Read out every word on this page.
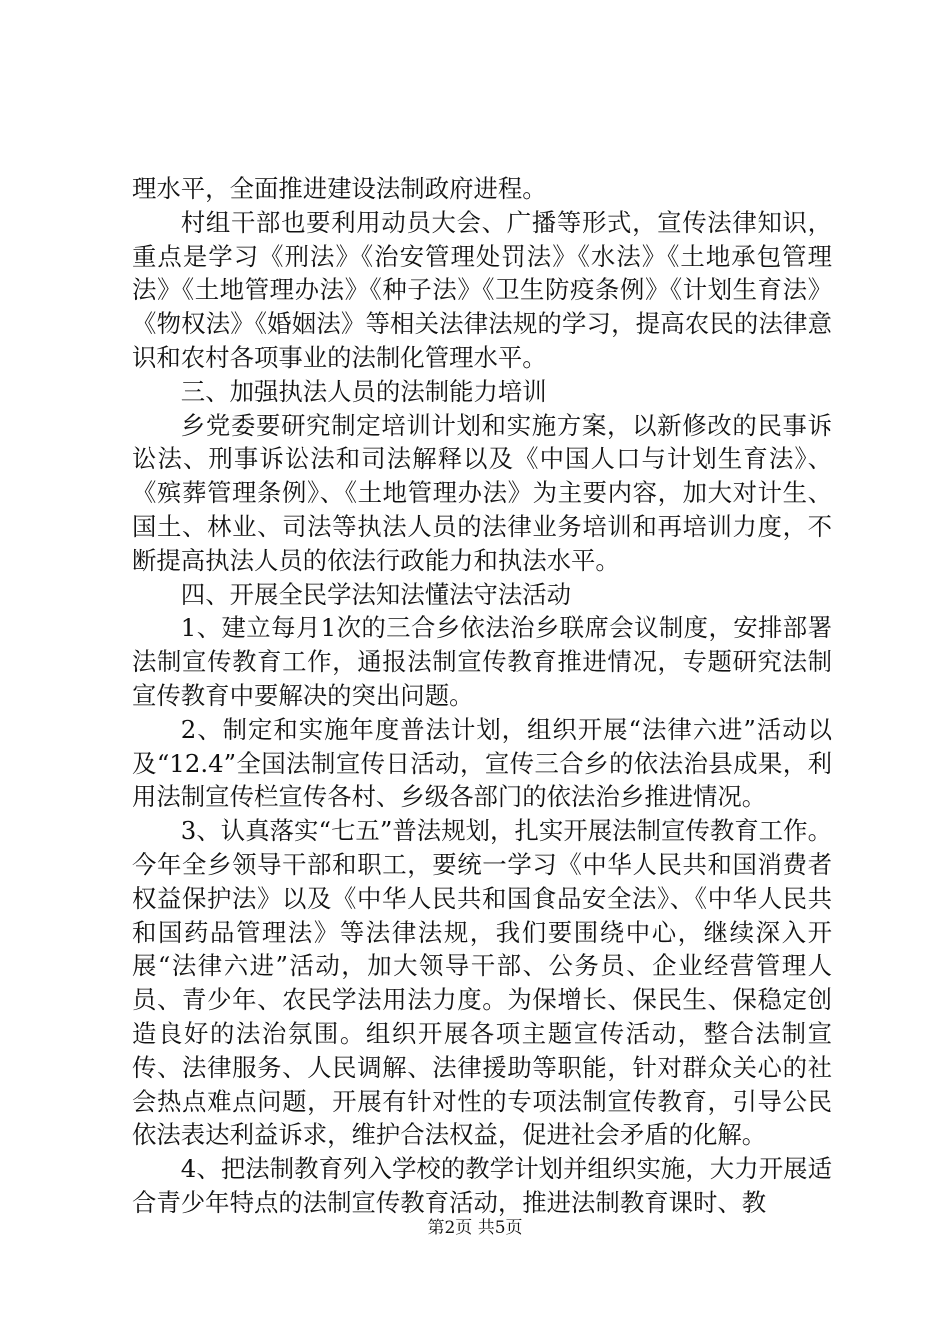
理水平，全面推进建设法制政府进程。

村组干部也要利用动员大会、广播等形式，宣传法律知识，重点是学习《刑法》《治安管理处罚法》《水法》《土地承包管理法》《土地管理办法》《种子法》《卫生防疫条例》《计划生育法》《物权法》《婚姻法》等相关法律法规的学习，提高农民的法律意识和农村各项事业的法制化管理水平。

三、加强执法人员的法制能力培训

乡党委要研究制定培训计划和实施方案，以新修改的民事诉讼法、刑事诉讼法和司法解释以及《中国人口与计划生育法》、《殡葬管理条例》、《土地管理办法》为主要内容，加大对计生、国土、林业、司法等执法人员的法律业务培训和再培训力度，不断提高执法人员的依法行政能力和执法水平。

四、开展全民学法知法懂法守法活动

1、建立每月1次的三合乡依法治乡联席会议制度，安排部署法制宣传教育工作，通报法制宣传教育推进情况，专题研究法制宣传教育中要解决的突出问题。

2、制定和实施年度普法计划，组织开展“法律六进”活动以及“12.4”全国法制宣传日活动，宣传三合乡的依法治县成果，利用法制宣传栏宣传各村、乡级各部门的依法治乡推进情况。

3、认真落实“七五”普法规划，扎实开展法制宣传教育工作。今年全乡领导干部和职工，要统一学习《中华人民共和国消费者权益保护法》以及《中华人民共和国食品安全法》、《中华人民共和国药品管理法》等法律法规，我们要围绕中心，继续深入开展“法律六进”活动，加大领导干部、公务员、企业经营管理人员、青少年、农民学法用法力度。为保增长、保民生、保稳定创造良好的法治氛围。组织开展各项主题宣传活动，整合法制宣传、法律服务、人民调解、法律援助等职能，针对群众关心的社会热点难点问题，开展有针对性的专项法制宣传教育，引导公民依法表达利益诉求，维护合法权益，促进社会矛盾的化解。

4、把法制教育列入学校的教学计划并组织实施，大力开展适合青少年特点的法制宣传教育活动，推进法制教育课时、教

第2页 共5页
